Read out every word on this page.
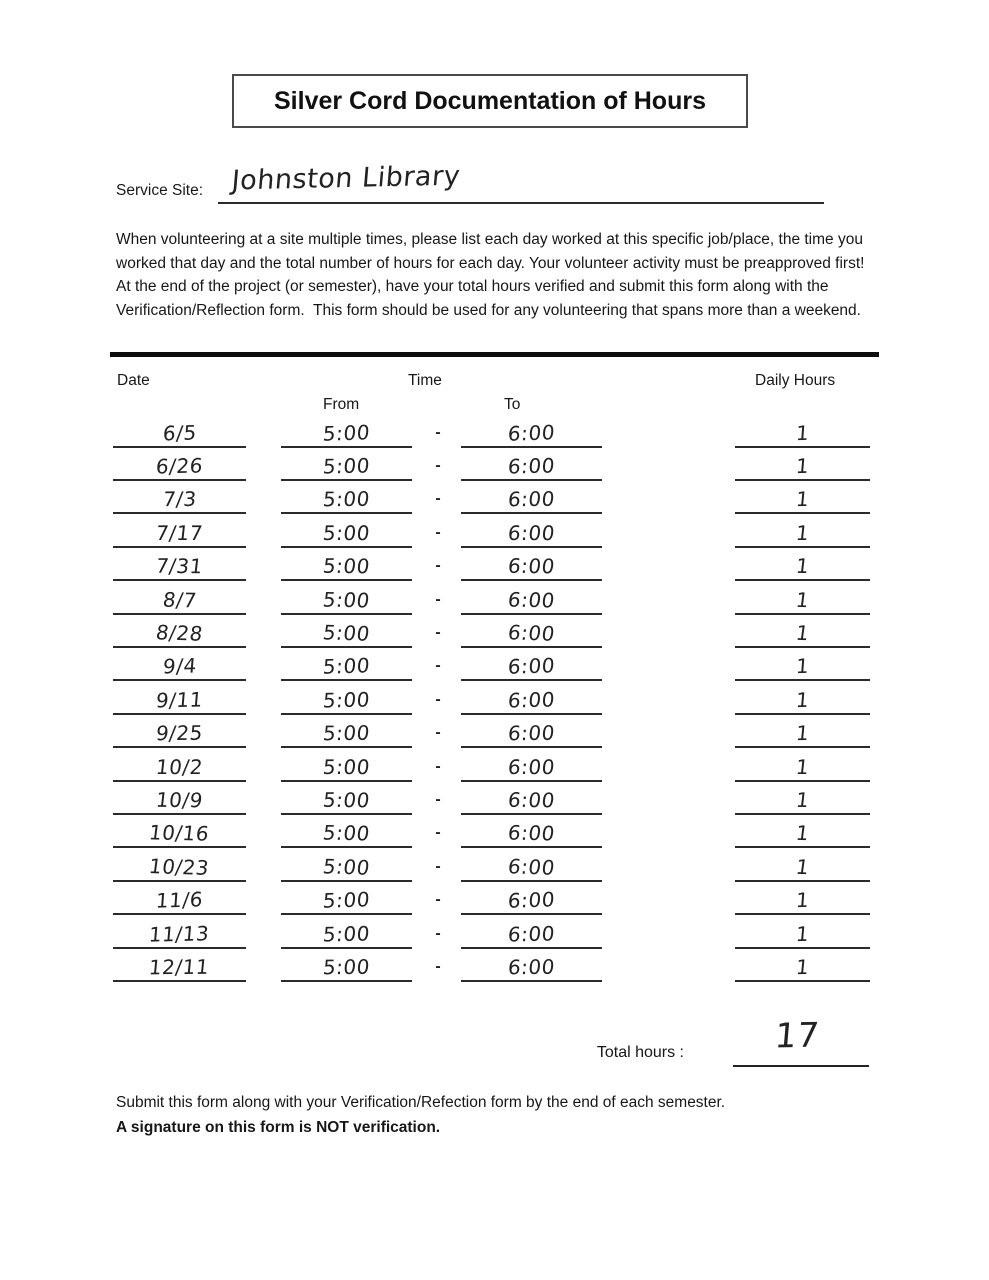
Silver Cord Documentation of Hours
Service Site: Johnston Library

When volunteering at a site multiple times, please list each day worked at this specific job/place, the time you worked that day and the total number of hours for each day. Your volunteer activity must be preapproved first!   At the end of the project (or semester), have your total hours verified and submit this form along with the Verification/Reflection form.  This form should be used for any volunteering that spans more than a weekend.

Date	Time	Daily Hours
From	To
6/5	5:00	-	6:00	1
6/26	5:00	-	6:00	1
7/3	5:00	-	6:00	1
7/17	5:00	-	6:00	1
7/31	5:00	-	6:00	1
8/7	5:00	-	6:00	1
8/28	5:00	-	6:00	1
9/4	5:00	-	6:00	1
9/11	5:00	-	6:00	1
9/25	5:00	-	6:00	1
10/2	5:00	-	6:00	1
10/9	5:00	-	6:00	1
10/16	5:00	-	6:00	1
10/23	5:00	-	6:00	1
11/6	5:00	-	6:00	1
11/13	5:00	-	6:00	1
12/11	5:00	-	6:00	1
Total hours :	17
Submit this form along with your Verification/Refection form by the end of each semester.
A signature on this form is NOT verification.
